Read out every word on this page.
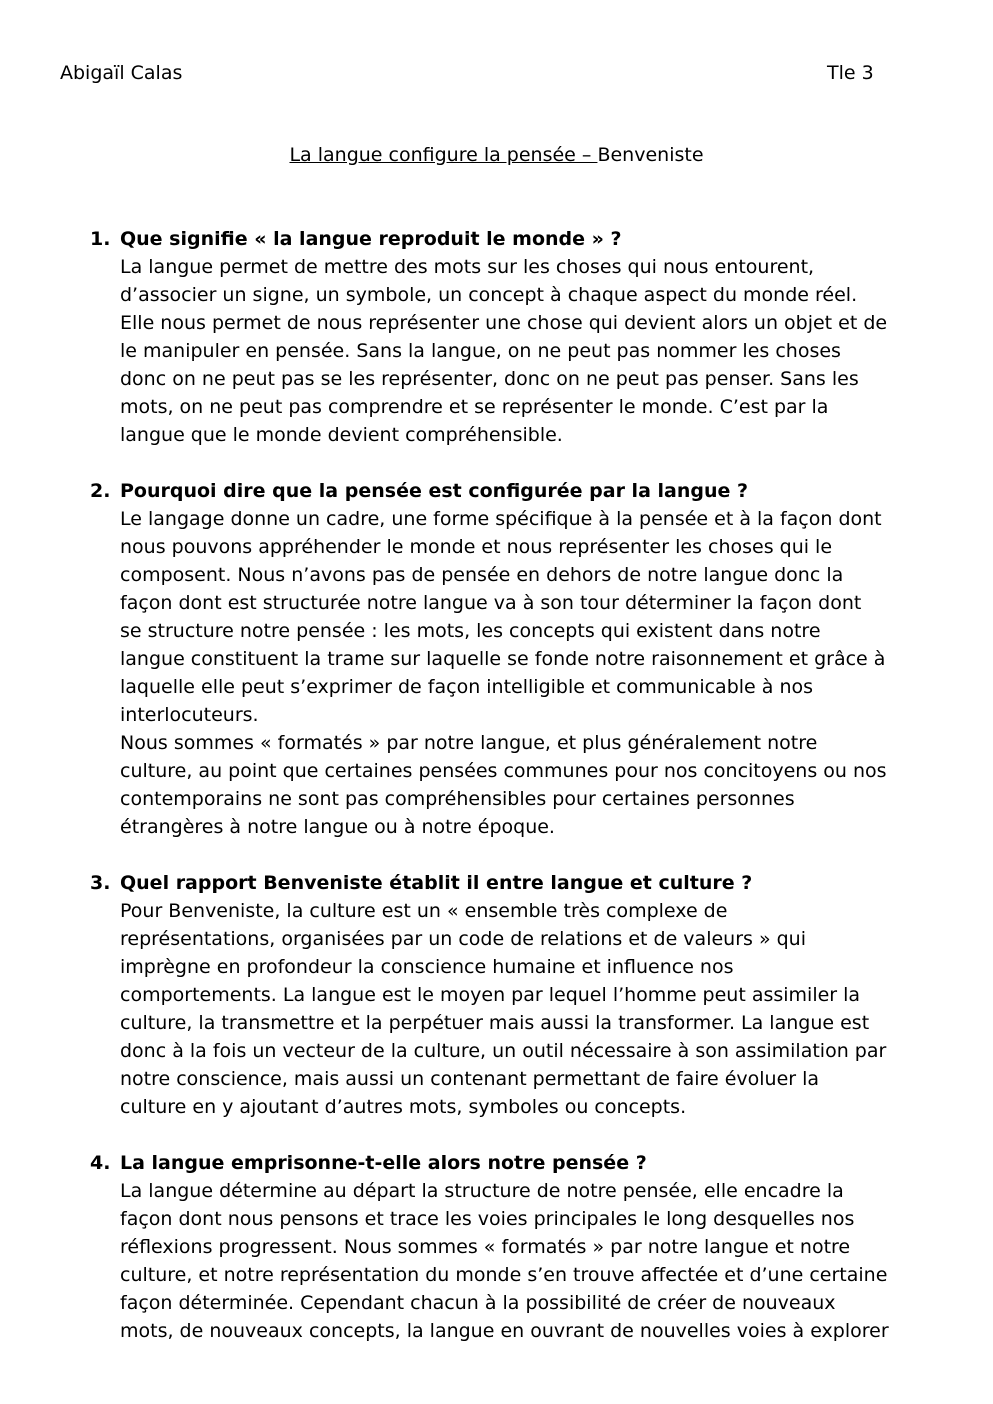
Abigaïl Calas	Tle 3
La langue configure la pensée – Benveniste
1. Que signifie « la langue reproduit le monde » ?
La langue permet de mettre des mots sur les choses qui nous entourent,
d’associer un signe, un symbole, un concept à chaque aspect du monde réel.
Elle nous permet de nous représenter une chose qui devient alors un objet et de
le manipuler en pensée. Sans la langue, on ne peut pas nommer les choses
donc on ne peut pas se les représenter, donc on ne peut pas penser. Sans les
mots, on ne peut pas comprendre et se représenter le monde. C’est par la
langue que le monde devient compréhensible.
2. Pourquoi dire que la pensée est configurée par la langue ?
Le langage donne un cadre, une forme spécifique à la pensée et à la façon dont
nous pouvons appréhender le monde et nous représenter les choses qui le
composent. Nous n’avons pas de pensée en dehors de notre langue donc la
façon dont est structurée notre langue va à son tour déterminer la façon dont
se structure notre pensée : les mots, les concepts qui existent dans notre
langue constituent la trame sur laquelle se fonde notre raisonnement et grâce à
laquelle elle peut s’exprimer de façon intelligible et communicable à nos
interlocuteurs.
Nous sommes « formatés » par notre langue, et plus généralement notre
culture, au point que certaines pensées communes pour nos concitoyens ou nos
contemporains ne sont pas compréhensibles pour certaines personnes
étrangères à notre langue ou à notre époque.
3. Quel rapport Benveniste établit il entre langue et culture ?
Pour Benveniste, la culture est un « ensemble très complexe de
représentations, organisées par un code de relations et de valeurs » qui
imprègne en profondeur la conscience humaine et influence nos
comportements. La langue est le moyen par lequel l’homme peut assimiler la
culture, la transmettre et la perpétuer mais aussi la transformer. La langue est
donc à la fois un vecteur de la culture, un outil nécessaire à son assimilation par
notre conscience, mais aussi un contenant permettant de faire évoluer la
culture en y ajoutant d’autres mots, symboles ou concepts.
4. La langue emprisonne-t-elle alors notre pensée ?
La langue détermine au départ la structure de notre pensée, elle encadre la
façon dont nous pensons et trace les voies principales le long desquelles nos
réflexions progressent. Nous sommes « formatés » par notre langue et notre
culture, et notre représentation du monde s’en trouve affectée et d’une certaine
façon déterminée. Cependant chacun à la possibilité de créer de nouveaux
mots, de nouveaux concepts, la langue en ouvrant de nouvelles voies à explorer
